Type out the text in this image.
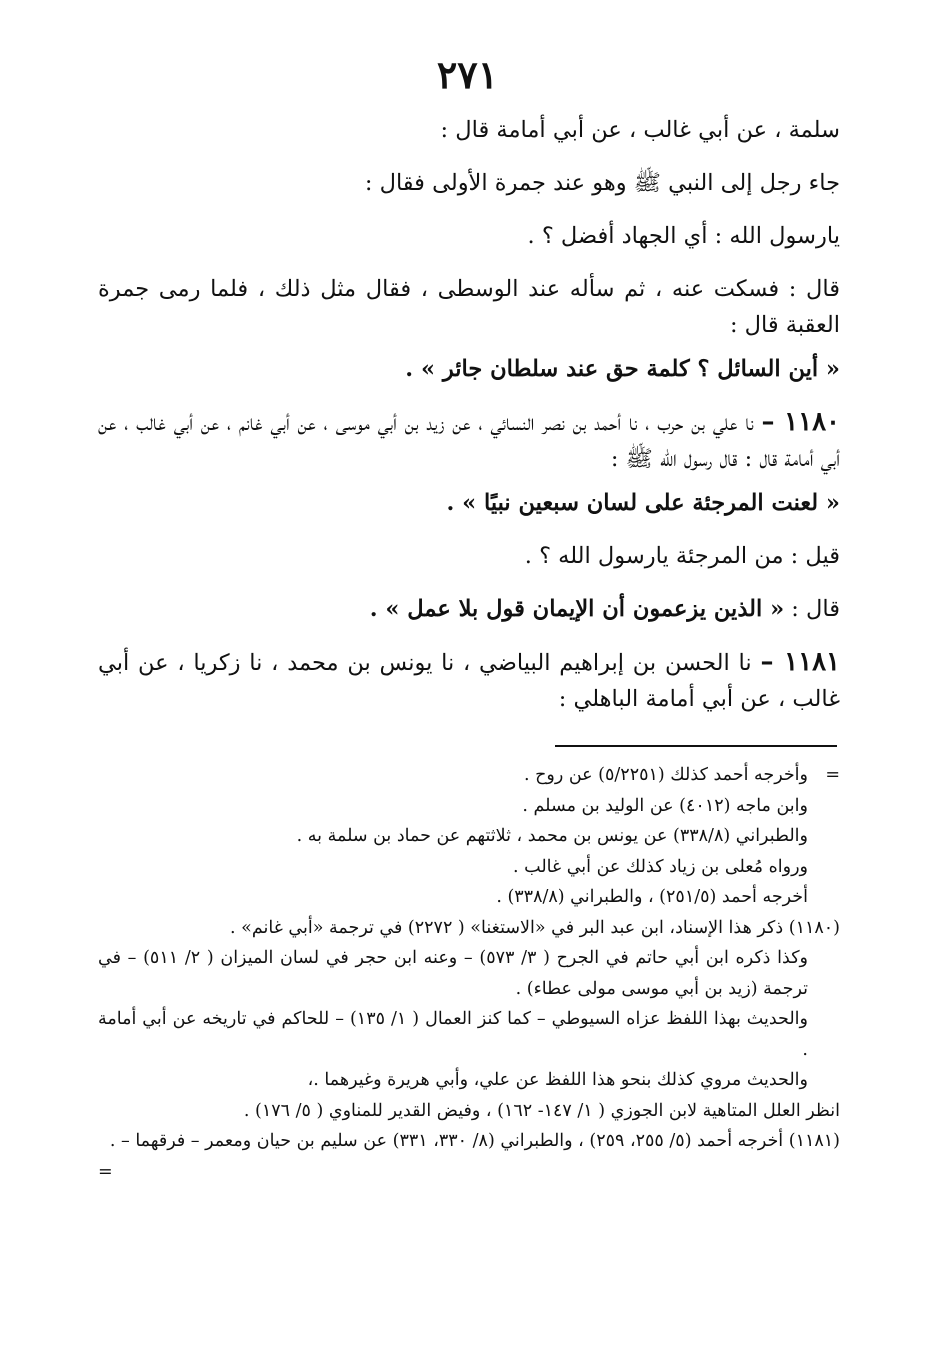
٢٧١

سلمة ، عن أبي غالب ، عن أبي أمامة قال :

جاء رجل إلى النبي ﷺ وهو عند جمرة الأولى فقال :

يارسول الله : أي الجهاد أفضل ؟ .

قال : فسكت عنه ، ثم سأله عند الوسطى ، فقال مثل ذلك ، فلما رمى جمرة العقبة قال :

« أين السائل ؟ كلمة حق عند سلطان جائر » .

١١٨٠ – نا علي بن حرب ، نا أحمد بن نصر النسائي ، عن زيد بن أبي موسى ، عن أبي غانم ، عن أبي غالب ، عن أبي أمامة قال : قال رسول الله ﷺ :

« لعنت المرجئة على لسان سبعين نبيًا » .

قيل : من المرجئة يارسول الله ؟ .

قال : « الذين يزعمون أن الإيمان قول بلا عمل » .

١١٨١ – نا الحسن بن إبراهيم البياضي ، نا يونس بن محمد ، نا زكريا ، عن أبي غالب ، عن أبي أمامة الباهلي :

=وأخرجه أحمد كذلك (٥/٢٢٥١) عن روح .

وابن ماجه (٤٠١٢) عن الوليد بن مسلم .

والطبراني (٣٣٨/٨) عن يونس بن محمد ، ثلاثتهم عن حماد بن سلمة به .

ورواه مُعلى بن زياد كذلك عن أبي غالب .

أخرجه أحمد (٢٥١/٥) ، والطبراني (٣٣٨/٨) .

(١١٨٠) ذكر هذا الإسناد، ابن عبد البر في «الاستغنا» ( ٢٢٧٢) في ترجمة «أبي غانم» .

وكذا ذكره ابن أبي حاتم في الجرح ( ٣/ ٥٧٣) – وعنه ابن حجر في لسان الميزان ( ٢/ ٥١١) – في ترجمة (زيد بن أبي موسى مولى عطاء) .

والحديث بهذا اللفظ عزاه السيوطي – كما كنز العمال ( ١/ ١٣٥) – للحاكم في تاريخه عن أبي أمامة .

والحديث مروي كذلك بنحو هذا اللفظ عن علي، وأبي هريرة وغيرهما .،

انظر العلل المتاهية لابن الجوزي ( ١/ ١٤٧- ١٦٢) ، وفيض القدير للمناوي ( ٥/ ١٧٦) .

(١١٨١) أخرجه أحمد (٥/ ٢٥٥، ٢٥٩) ، والطبراني (٨/ ٣٣٠، ٣٣١) عن سليم بن حيان ومعمر – فرقهما – .

=
